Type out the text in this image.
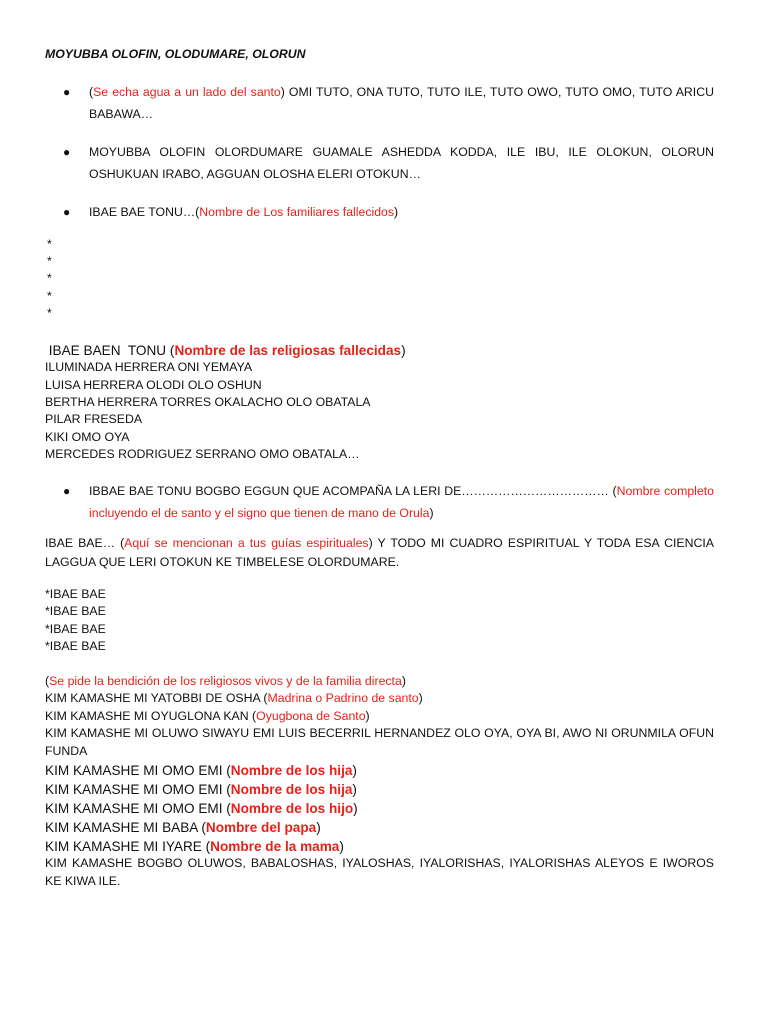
MOYUBBA OLOFIN, OLODUMARE, OLORUN
● (Se echa agua a un lado del santo) OMI TUTO, ONA TUTO, TUTO ILE, TUTO OWO, TUTO OMO, TUTO ARICU BABAWA…
● MOYUBBA OLOFIN OLORDUMARE GUAMALE ASHEDDA KODDA, ILE IBU, ILE OLOKUN, OLORUN OSHUKUAN IRABO, AGGUAN OLOSHA ELERI OTOKUN…
● IBAE BAE TONU…(Nombre de Los familiares fallecidos)
*
*
*
*
*
IBAE BAEN  TONU (Nombre de las religiosas fallecidas)
ILUMINADA HERRERA ONI YEMAYA
LUISA HERRERA OLODI OLO OSHUN
BERTHA HERRERA TORRES OKALACHO OLO OBATALA
PILAR FRESEDA
KIKI OMO OYA
MERCEDES RODRIGUEZ SERRANO OMO OBATALA…
● IBBAE BAE TONU BOGBO EGGUN QUE ACOMPAÑA LA LERI DE……………………………… (Nombre completo incluyendo el de santo y el signo que tienen de mano de Orula)
IBAE BAE… (Aquí se mencionan a tus guías espirituales) Y TODO MI CUADRO ESPIRITUAL Y TODA ESA CIENCIA LAGGUA QUE LERI OTOKUN KE TIMBELESE OLORDUMARE.
*IBAE BAE
*IBAE BAE
*IBAE BAE
*IBAE BAE
(Se pide la bendición de los religiosos vivos y de la familia directa)
KIM KAMASHE MI YATOBBI DE OSHA (Madrina o Padrino de santo)
KIM KAMASHE MI OYUGLONA KAN (Oyugbona de Santo)
KIM KAMASHE MI OLUWO SIWAYU EMI LUIS BECERRIL HERNANDEZ OLO OYA, OYA BI, AWO NI ORUNMILA OFUN FUNDA
KIM KAMASHE MI OMO EMI (Nombre de los hija)
KIM KAMASHE MI OMO EMI (Nombre de los hija)
KIM KAMASHE MI OMO EMI (Nombre de los hijo)
KIM KAMASHE MI BABA (Nombre del papa)
KIM KAMASHE MI IYARE (Nombre de la mama)
KIM KAMASHE BOGBO OLUWOS, BABALOSHAS, IYALOSHAS, IYALORISHAS, IYALORISHAS ALEYOS E IWOROS KE KIWA ILE.
